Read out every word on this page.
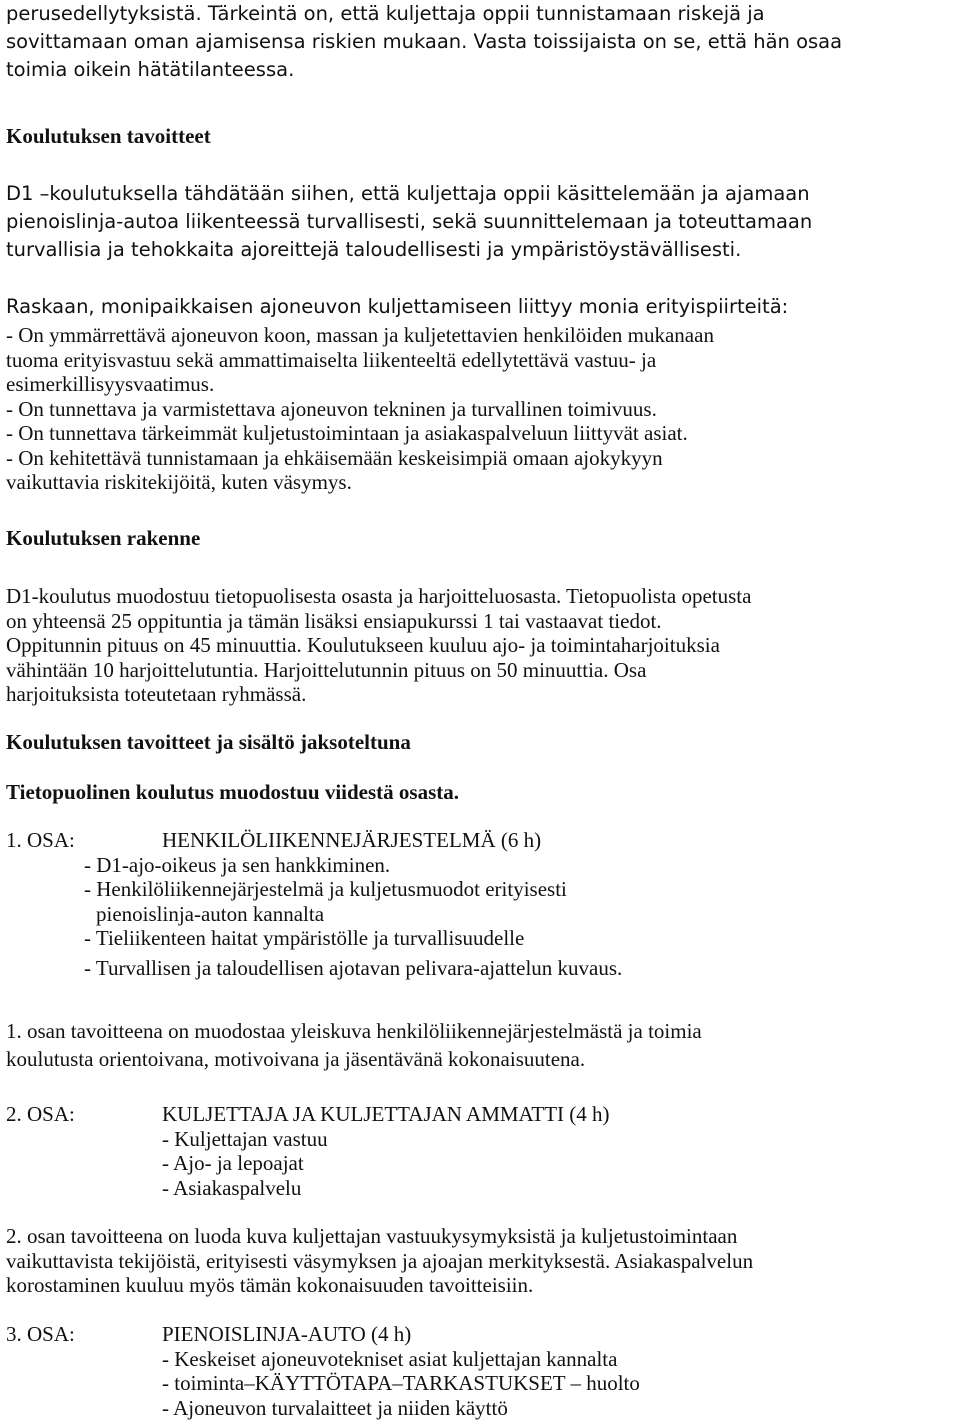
perusedellytyksistä. Tärkeintä on, että kuljettaja oppii tunnistamaan riskejä ja
sovittamaan oman ajamisensa riskien mukaan. Vasta toissijaista on se, että hän osaa
toimia oikein hätätilanteessa.
Koulutuksen tavoitteet
D1 –koulutuksella tähdätään siihen, että kuljettaja oppii käsittelemään ja ajamaan
pienoislinja-autoa liikenteessä turvallisesti, sekä suunnittelemaan ja toteuttamaan
turvallisia ja tehokkaita ajoreittejä taloudellisesti ja ympäristöystävällisesti.
Raskaan, monipaikkaisen ajoneuvon kuljettamiseen liittyy monia erityispiirteitä:
- On ymmärrettävä ajoneuvon koon, massan ja kuljetettavien henkilöiden mukanaan
tuoma erityisvastuu sekä ammattimaiselta liikenteeltä edellytettävä vastuu- ja
esimerkillisyysvaatimus.
- On tunnettava ja varmistettava ajoneuvon tekninen ja turvallinen toimivuus.
- On tunnettava tärkeimmät kuljetustoimintaan ja asiakaspalveluun liittyvät asiat.
- On kehitettävä tunnistamaan ja ehkäisemään keskeisimpiä omaan ajokykyyn
vaikuttavia riskitekijöitä, kuten väsymys.
Koulutuksen rakenne
D1-koulutus muodostuu tietopuolisesta osasta ja harjoitteluosasta. Tietopuolista opetusta
on yhteensä 25 oppituntia ja tämän lisäksi ensiapukurssi 1 tai vastaavat tiedot.
Oppitunnin pituus on 45 minuuttia. Koulutukseen kuuluu ajo- ja toimintaharjoituksia
vähintään 10 harjoittelutuntia. Harjoittelutunnin pituus on 50 minuuttia. Osa
harjoituksista toteutetaan ryhmässä.
Koulutuksen tavoitteet ja sisältö jaksoteltuna
Tietopuolinen koulutus muodostuu viidestä osasta.
1. OSA:	HENKILÖLIIKENNEJÄRJESTELMÄ (6 h)
- D1-ajo-oikeus ja sen hankkiminen.
- Henkilöliikennejärjestelmä ja kuljetusmuodot erityisesti
pienoislinja-auton kannalta
- Tieliikenteen haitat ympäristölle ja turvallisuudelle
- Turvallisen ja taloudellisen ajotavan pelivara-ajattelun kuvaus.
1. osan tavoitteena on muodostaa yleiskuva henkilöliikennejärjestelmästä ja toimia
koulutusta orientoivana, motivoivana ja jäsentävänä kokonaisuutena.
2. OSA:	KULJETTAJA JA KULJETTAJAN AMMATTI (4 h)
- Kuljettajan vastuu
- Ajo- ja lepoajat
- Asiakaspalvelu
2. osan tavoitteena on luoda kuva kuljettajan vastuukysymyksistä ja kuljetustoimintaan
vaikuttavista tekijöistä, erityisesti väsymyksen ja ajoajan merkityksestä. Asiakaspalvelun
korostaminen kuuluu myös tämän kokonaisuuden tavoitteisiin.
3. OSA:	PIENOISLINJA-AUTO (4 h)
- Keskeiset ajoneuvotekniset asiat kuljettajan kannalta
- toiminta–KÄYTTÖTAPA–TARKASTUKSET – huolto
- Ajoneuvon turvalaitteet ja niiden käyttö
